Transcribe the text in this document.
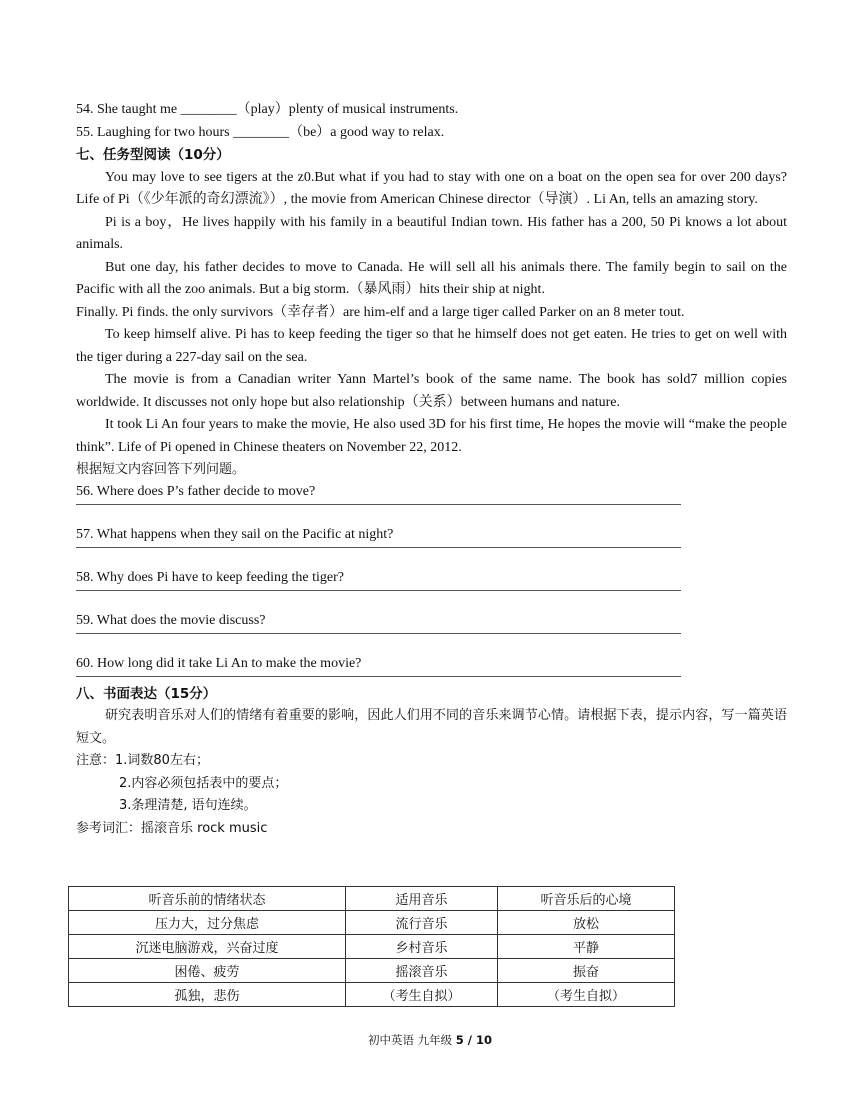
54. She taught me ________（play）plenty of musical instruments.
55. Laughing for two hours ________（be）a good way to relax.
七、任务型阅读（10分）
You may love to see tigers at the z0.But what if you had to stay with one on a boat on the open sea for over 200 days? Life of Pi（《少年派的奇幻漂流》）, the movie from American Chinese director（导演）. Li An, tells an amazing story.
Pi is a boy，He lives happily with his family in a beautiful Indian town. His father has a 200, 50 Pi knows a lot about animals.
But one day, his father decides to move to Canada. He will sell all his animals there. The family begin to sail on the Pacific with all the zoo animals. But a big storm.（暴风雨）hits their ship at night.
Finally. Pi finds. the only survivors（幸存者）are him-elf and a large tiger called Parker on an 8 meter tout.
To keep himself alive. Pi has to keep feeding the tiger so that he himself does not get eaten. He tries to get on well with the tiger during a 227-day sail on the sea.
The movie is from a Canadian writer Yann Martel’s book of the same name. The book has sold7 million copies worldwide. It discusses not only hope but also relationship（关系）between humans and nature.
It took Li An four years to make the movie, He also used 3D for his first time, He hopes the movie will “make the people think”. Life of Pi opened in Chinese theaters on November 22, 2012.
根据短文内容回答下列问题。
56. Where does P’s father decide to move?
57. What happens when they sail on the Pacific at night?
58. Why does Pi have to keep feeding the tiger?
59. What does the movie discuss?
60. How long did it take Li An to make the movie?
八、书面表达（15分）
研究表明音乐对人们的情绪有着重要的影响，因此人们用不同的音乐来调节心情。请根据下表，提示内容，写一篇英语短文。
注意：1.词数80左右；
2.内容必须包括表中的要点；
3.条理清楚, 语句连续。
参考词汇：摇滚音乐 rock music
听音乐前的情绪状态	适用音乐	听音乐后的心境
压力大，过分焦虑	流行音乐	放松
沉迷电脑游戏，兴奋过度	乡村音乐	平静
困倦、疲劳	摇滚音乐	振奋
孤独，悲伤	（考生自拟）	（考生自拟）
初中英语 九年级 5 / 10
